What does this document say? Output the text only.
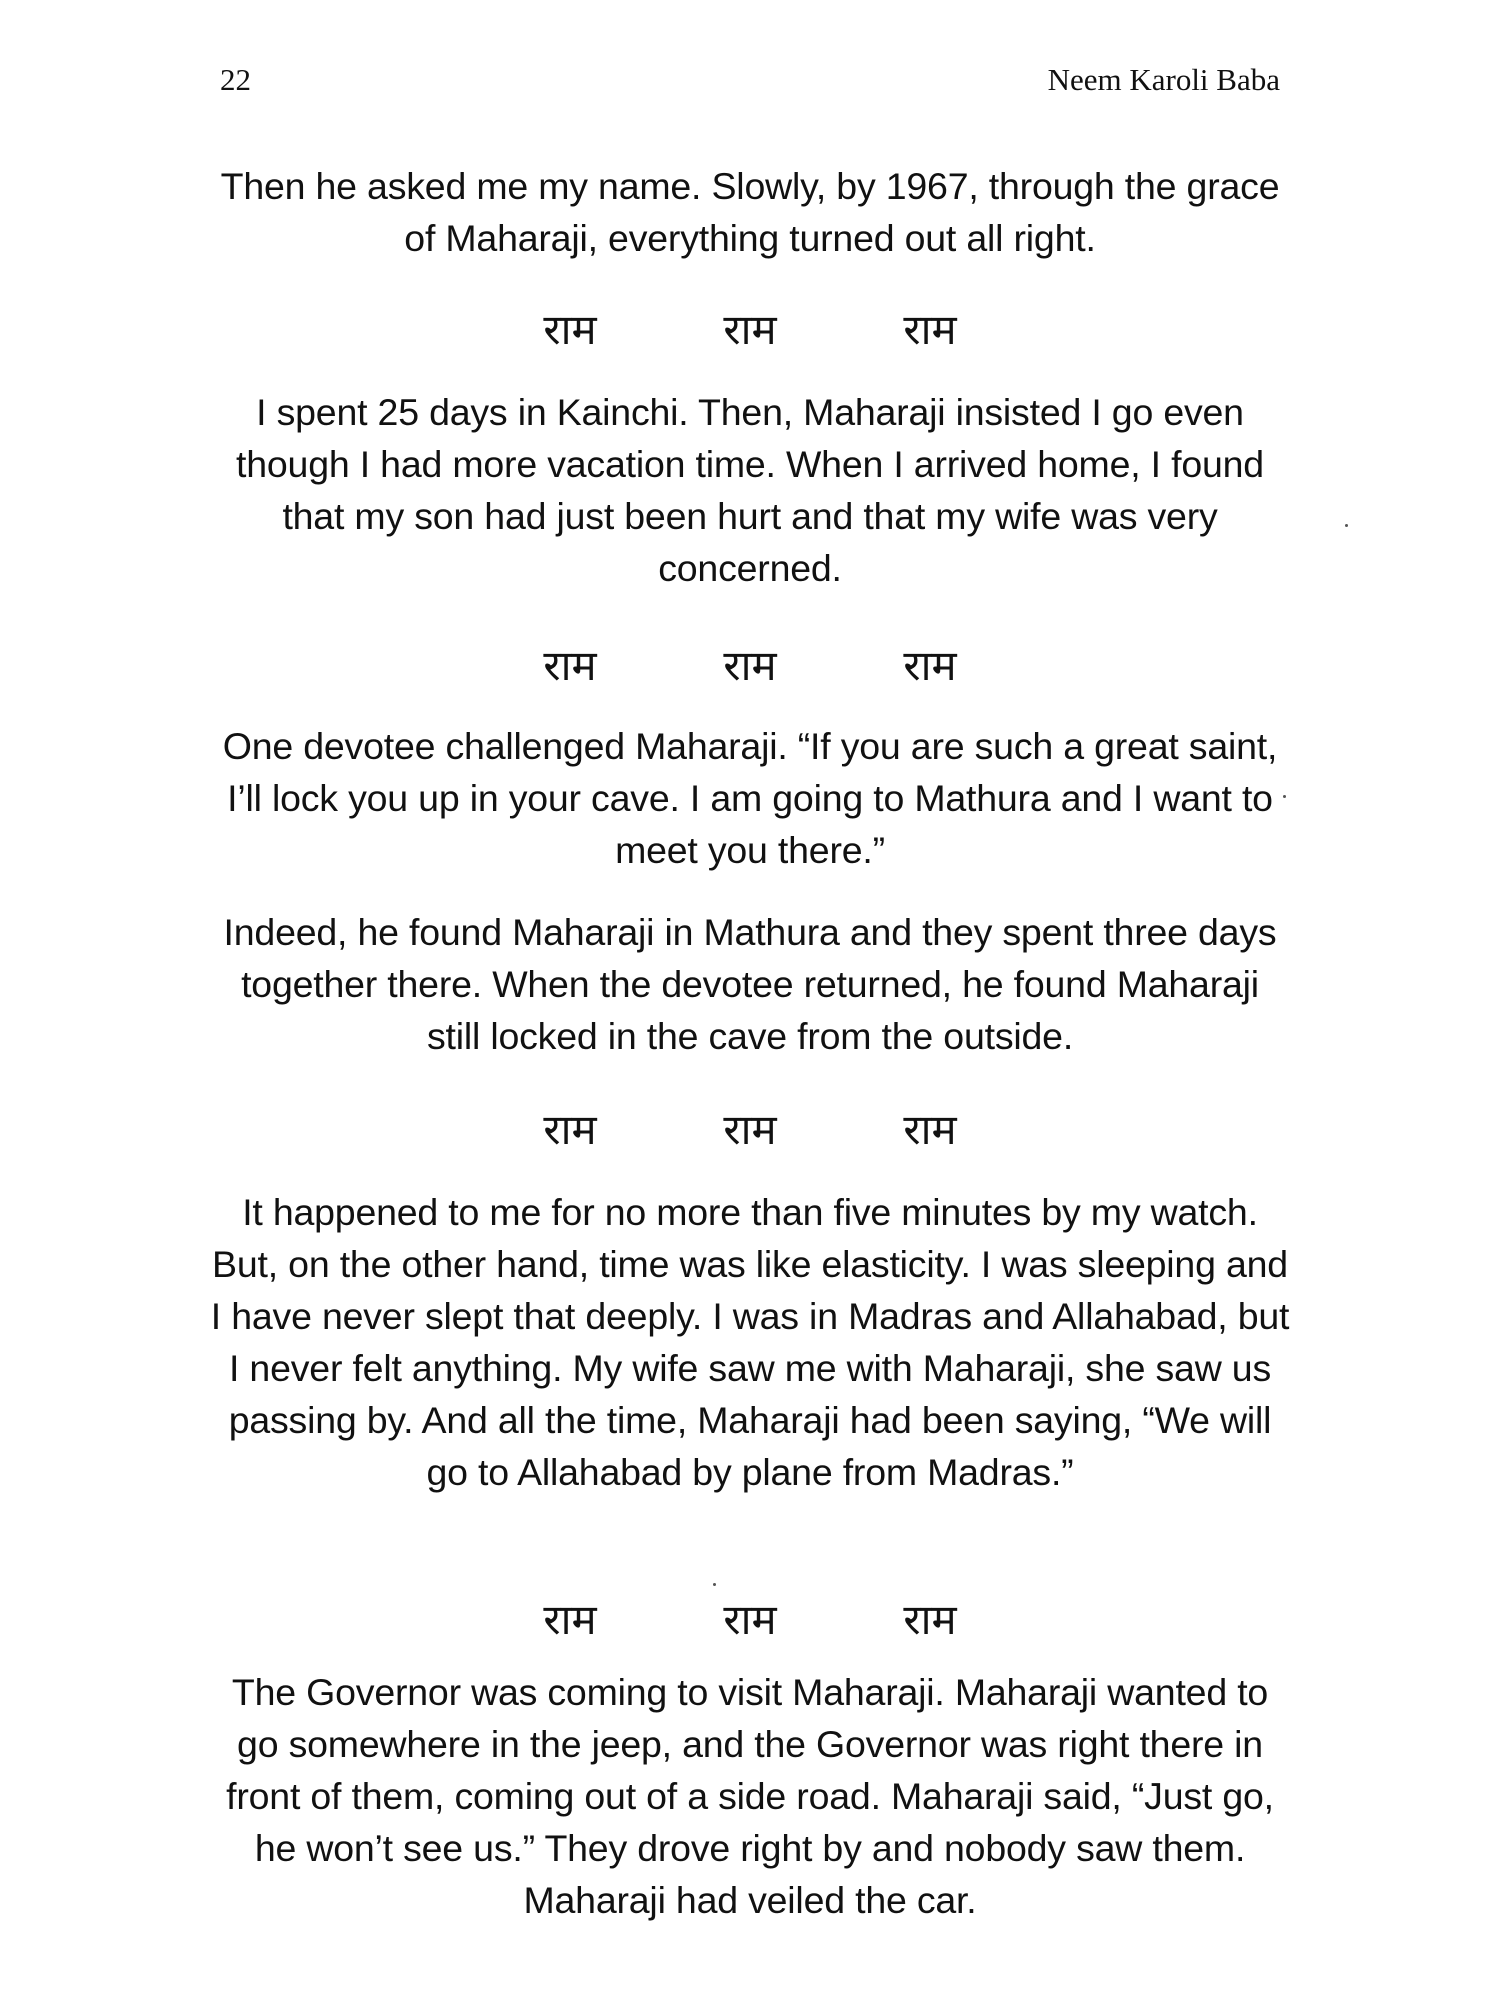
22	Neem Karoli Baba

Then he asked me my name. Slowly, by 1967, through the grace of Maharaji, everything turned out all right.

राम	राम	राम

I spent 25 days in Kainchi. Then, Maharaji insisted I go even though I had more vacation time. When I arrived home, I found that my son had just been hurt and that my wife was very concerned.

राम	राम	राम

One devotee challenged Maharaji. “If you are such a great saint, I’ll lock you up in your cave. I am going to Mathura and I want to meet you there.”

Indeed, he found Maharaji in Mathura and they spent three days together there. When the devotee returned, he found Maharaji still locked in the cave from the outside.

राम	राम	राम

It happened to me for no more than five minutes by my watch. But, on the other hand, time was like elasticity. I was sleeping and I have never slept that deeply. I was in Madras and Allahabad, but I never felt anything. My wife saw me with Maharaji, she saw us passing by. And all the time, Maharaji had been saying, “We will go to Allahabad by plane from Madras.”

राम	राम	राम

The Governor was coming to visit Maharaji. Maharaji wanted to go somewhere in the jeep, and the Governor was right there in front of them, coming out of a side road. Maharaji said, “Just go, he won’t see us.” They drove right by and nobody saw them. Maharaji had veiled the car.
